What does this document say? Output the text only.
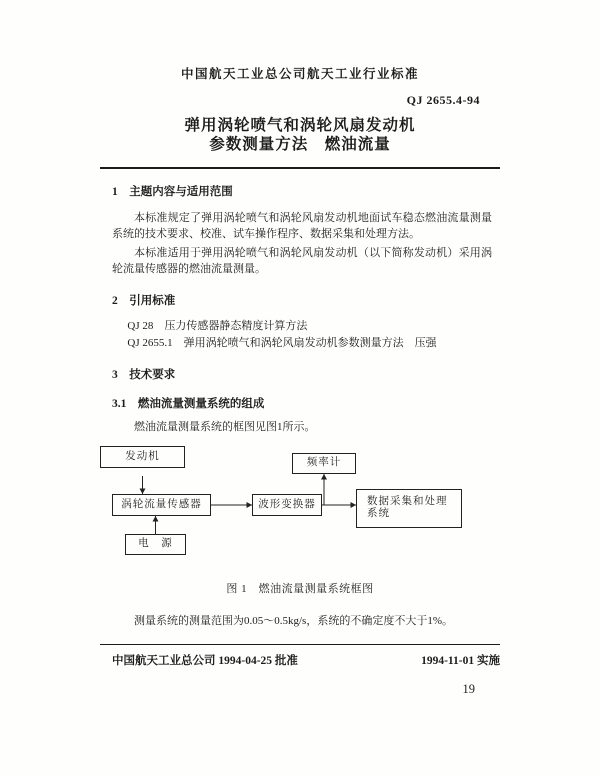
中国航天工业总公司航天工业行业标准
QJ 2655.4-94
弹用涡轮喷气和涡轮风扇发动机
参数测量方法　燃油流量
1　主题内容与适用范围

本标准规定了弹用涡轮喷气和涡轮风扇发动机地面试车稳态燃油流量测量系统的技术要求、校准、试车操作程序、数据采集和处理方法。

本标准适用于弹用涡轮喷气和涡轮风扇发动机（以下简称发动机）采用涡轮流量传感器的燃油流量测量。

2　引用标准
QJ 28　压力传感器静态精度计算方法
QJ 2655.1　弹用涡轮喷气和涡轮风扇发动机参数测量方法　压强
3　技术要求
3.1　燃油流量测量系统的组成

燃油流量测量系统的框图见图1所示。

发动机
频率计
涡轮流量传感器	波形变换器	数据采集和处理
系统
电　源
图 1　燃油流量测量系统框图

测量系统的测量范围为0.05～0.5kg/s，系统的不确定度不大于1%。

中国航天工业总公司 1994-04-25 批准	1994-11-01 实施
19
